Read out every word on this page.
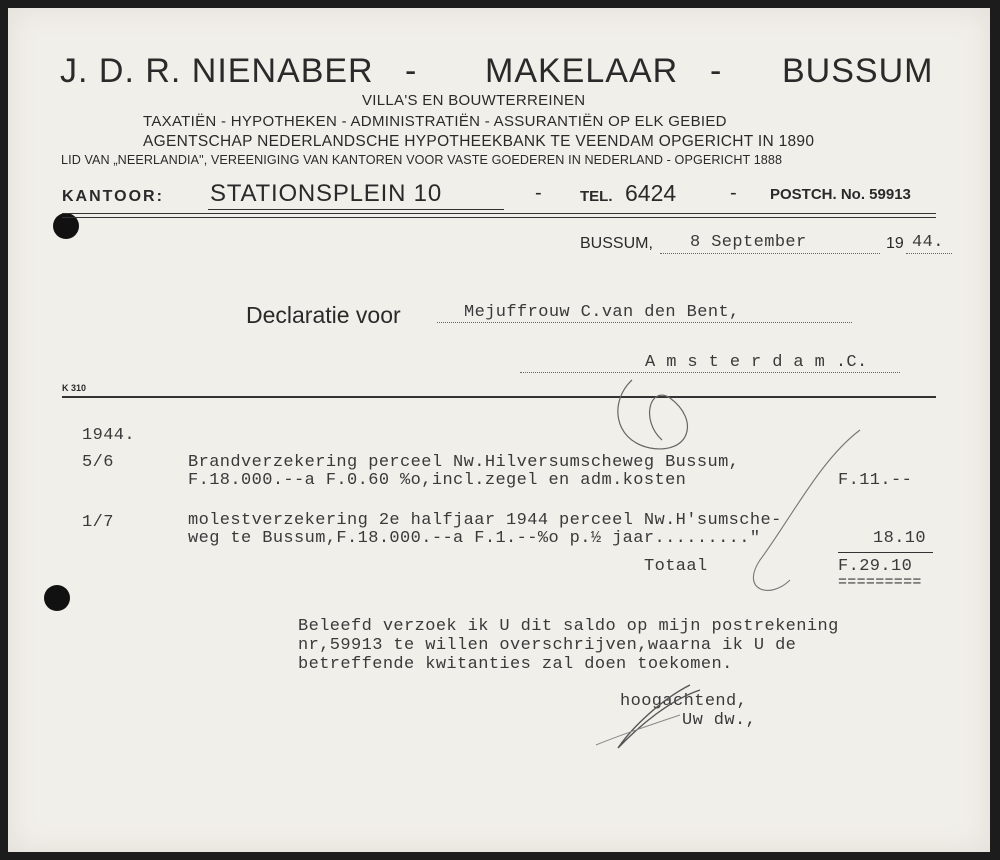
J. D. R. NIENABER - MAKELAAR - BUSSUM
VILLA'S EN BOUWTERREINEN
TAXATIËN - HYPOTHEKEN - ADMINISTRATIËN - ASSURANTIËN OP ELK GEBIED
AGENTSCHAP NEDERLANDSCHE HYPOTHEEKBANK TE VEENDAM OPGERICHT IN 1890
LID VAN „NEERLANDIA", VEREENIGING VAN KANTOREN VOOR VASTE GOEDEREN IN NEDERLAND - OPGERICHT 1888
KANTOOR: STATIONSPLEIN 10	-	TEL. 6424	- POSTCH. No. 59913
BUSSUM, 8 September	19 44.
Declaratie voor	Mejuffrouw C.van den Bent,
A m s t e r d a m .C.
K 310
1944.
5/6	Brandverzekering perceel Nw.Hilversumscheweg Bussum,
F.18.000.--a F.0.60 %o,incl.zegel en adm.kosten	F.11.--
1/7	molestverzekering 2e halfjaar 1944 perceel Nw.H'sumsche-
weg te Bussum,F.18.000.--a F.1.--%o p.½ jaar........."	18.10
Totaal	F.29.10
=========
Beleefd verzoek ik U dit saldo op mijn postrekening
nr,59913 te willen overschrijven,waarna ik U de
betreffende kwitanties zal doen toekomen.
hoogachtend,
Uw dw.,
